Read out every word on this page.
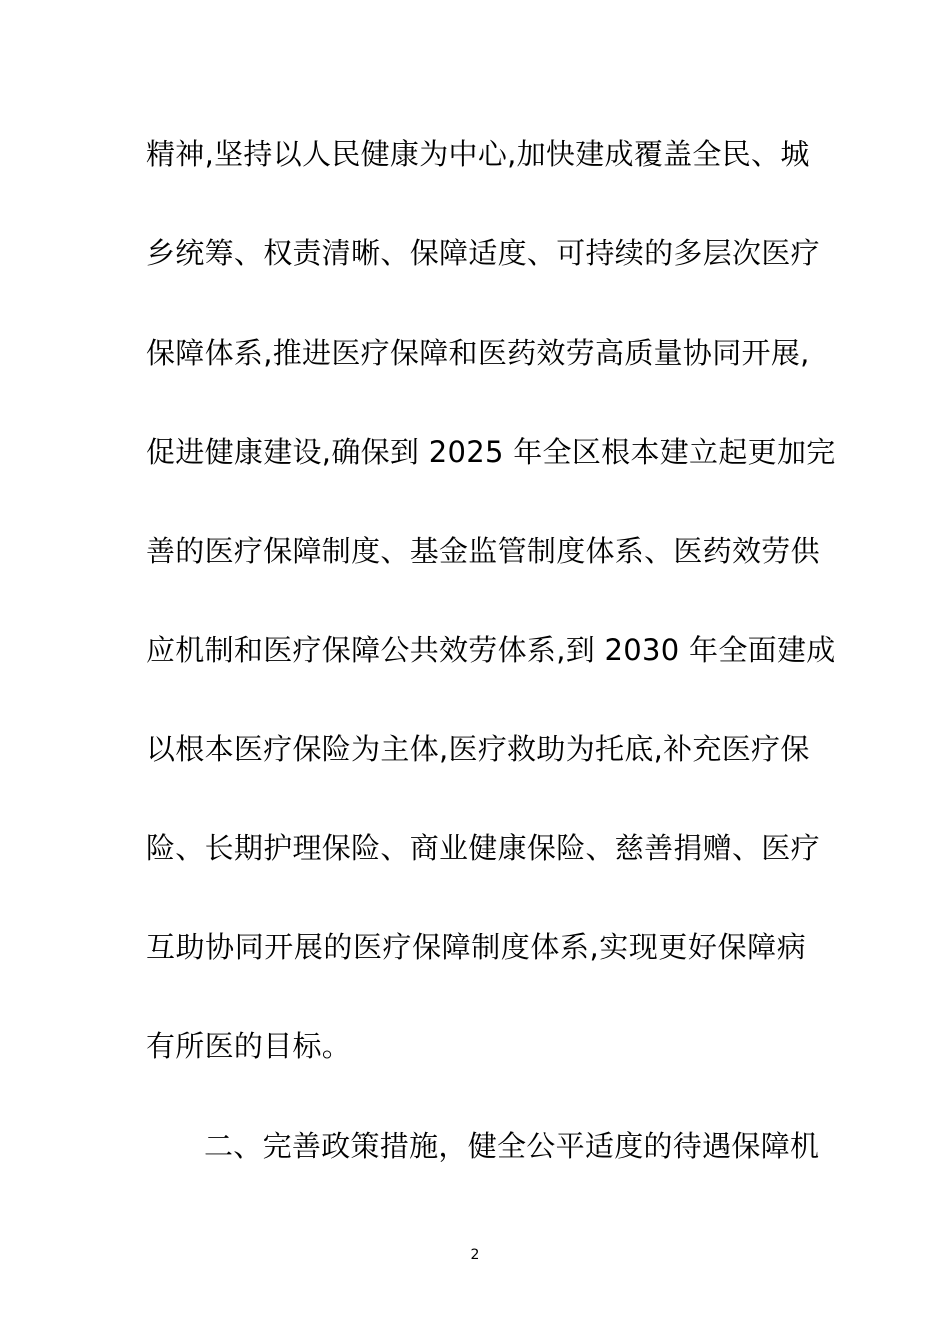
精神,坚持以人民健康为中心,加快建成覆盖全民、城
乡统筹、权责清晰、保障适度、可持续的多层次医疗
保障体系,推进医疗保障和医药效劳高质量协同开展,
促进健康建设,确保到 2025 年全区根本建立起更加完
善的医疗保障制度、基金监管制度体系、医药效劳供
应机制和医疗保障公共效劳体系,到 2030 年全面建成
以根本医疗保险为主体,医疗救助为托底,补充医疗保
险、长期护理保险、商业健康保险、慈善捐赠、医疗
互助协同开展的医疗保障制度体系,实现更好保障病
有所医的目标。
二、完善政策措施，健全公平适度的待遇保障机
2
